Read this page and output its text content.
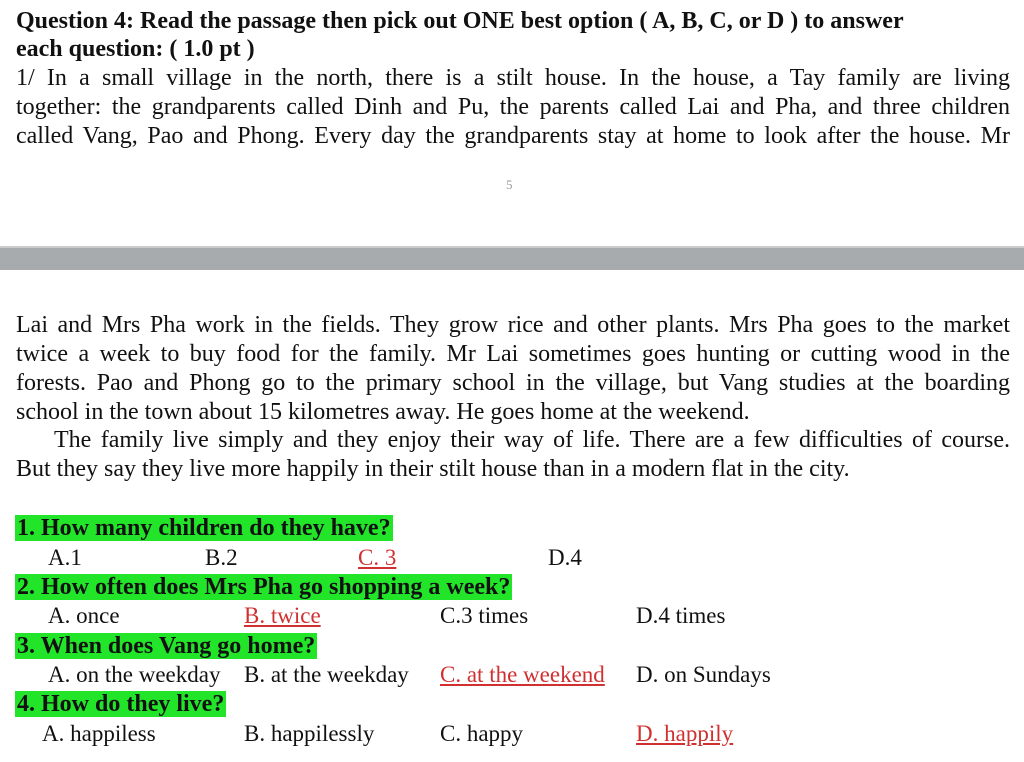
Question 4: Read the passage then pick out ONE best option ( A, B, C, or D ) to answer
each question: ( 1.0 pt )
1/ In a small village in the north, there is a stilt house. In the house, a Tay family are living
together: the grandparents called Dinh and Pu, the parents called Lai and Pha, and three children
called Vang, Pao and Phong. Every day the grandparents stay at home to look after the house. Mr
5
Lai and Mrs Pha work in the fields. They grow rice and other plants. Mrs Pha goes to the market
twice a week to buy food for the family. Mr Lai sometimes goes hunting or cutting wood in the
forests. Pao and Phong go to the primary school in the village, but Vang studies at the boarding
school in the town about 15 kilometres away. He goes home at the weekend.
The family live simply and they enjoy their way of life. There are a few difficulties of course.
But they say they live more happily in their stilt house than in a modern flat in the city.
1. How many children do they have?
A.1	B.2	C. 3	D.4
2. How often does Mrs Pha go shopping a week?
A. once	B. twice	C.3 times	D.4 times
3. When does Vang go home?
A. on the weekday B. at the weekday C. at the weekend D. on Sundays
4. How do they live?
A. happiless	B. happilessly	C. happy	D. happily
